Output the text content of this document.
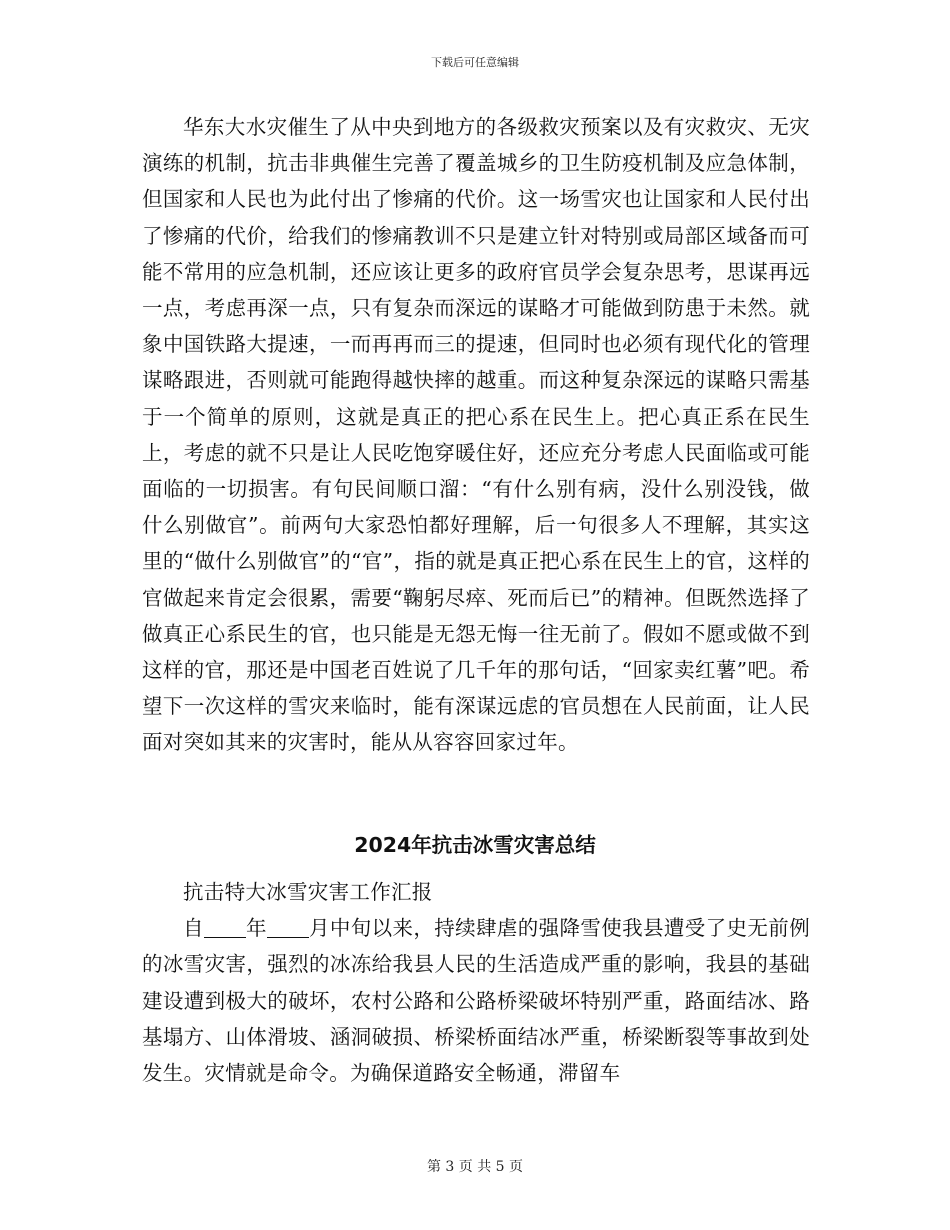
下载后可任意编辑

华东大水灾催生了从中央到地方的各级救灾预案以及有灾救灾、无灾演练的机制，抗击非典催生完善了覆盖城乡的卫生防疫机制及应急体制，但国家和人民也为此付出了惨痛的代价。这一场雪灾也让国家和人民付出了惨痛的代价，给我们的惨痛教训不只是建立针对特别或局部区域备而可能不常用的应急机制，还应该让更多的政府官员学会复杂思考，思谋再远一点，考虑再深一点，只有复杂而深远的谋略才可能做到防患于未然。就象中国铁路大提速，一而再再而三的提速，但同时也必须有现代化的管理谋略跟进，否则就可能跑得越快摔的越重。而这种复杂深远的谋略只需基于一个简单的原则，这就是真正的把心系在民生上。把心真正系在民生上，考虑的就不只是让人民吃饱穿暖住好，还应充分考虑人民面临或可能面临的一切损害。有句民间顺口溜：“有什么别有病，没什么别没钱，做什么别做官”。前两句大家恐怕都好理解，后一句很多人不理解，其实这里的“做什么别做官”的“官”，指的就是真正把心系在民生上的官，这样的官做起来肯定会很累，需要“鞠躬尽瘁、死而后已”的精神。但既然选择了做真正心系民生的官，也只能是无怨无悔一往无前了。假如不愿或做不到这样的官，那还是中国老百姓说了几千年的那句话，“回家卖红薯”吧。希望下一次这样的雪灾来临时，能有深谋远虑的官员想在人民前面，让人民面对突如其来的灾害时，能从从容容回家过年。

2024年抗击冰雪灾害总结

抗击特大冰雪灾害工作汇报

自 年 月中旬以来，持续肆虐的强降雪使我县遭受了史无前例的冰雪灾害，强烈的冰冻给我县人民的生活造成严重的影响，我县的基础建设遭到极大的破坏，农村公路和公路桥梁破坏特别严重，路面结冰、路基塌方、山体滑坡、涵洞破损、桥梁桥面结冰严重，桥梁断裂等事故到处发生。灾情就是命令。为确保道路安全畅通，滞留车

第 3 页 共 5 页
